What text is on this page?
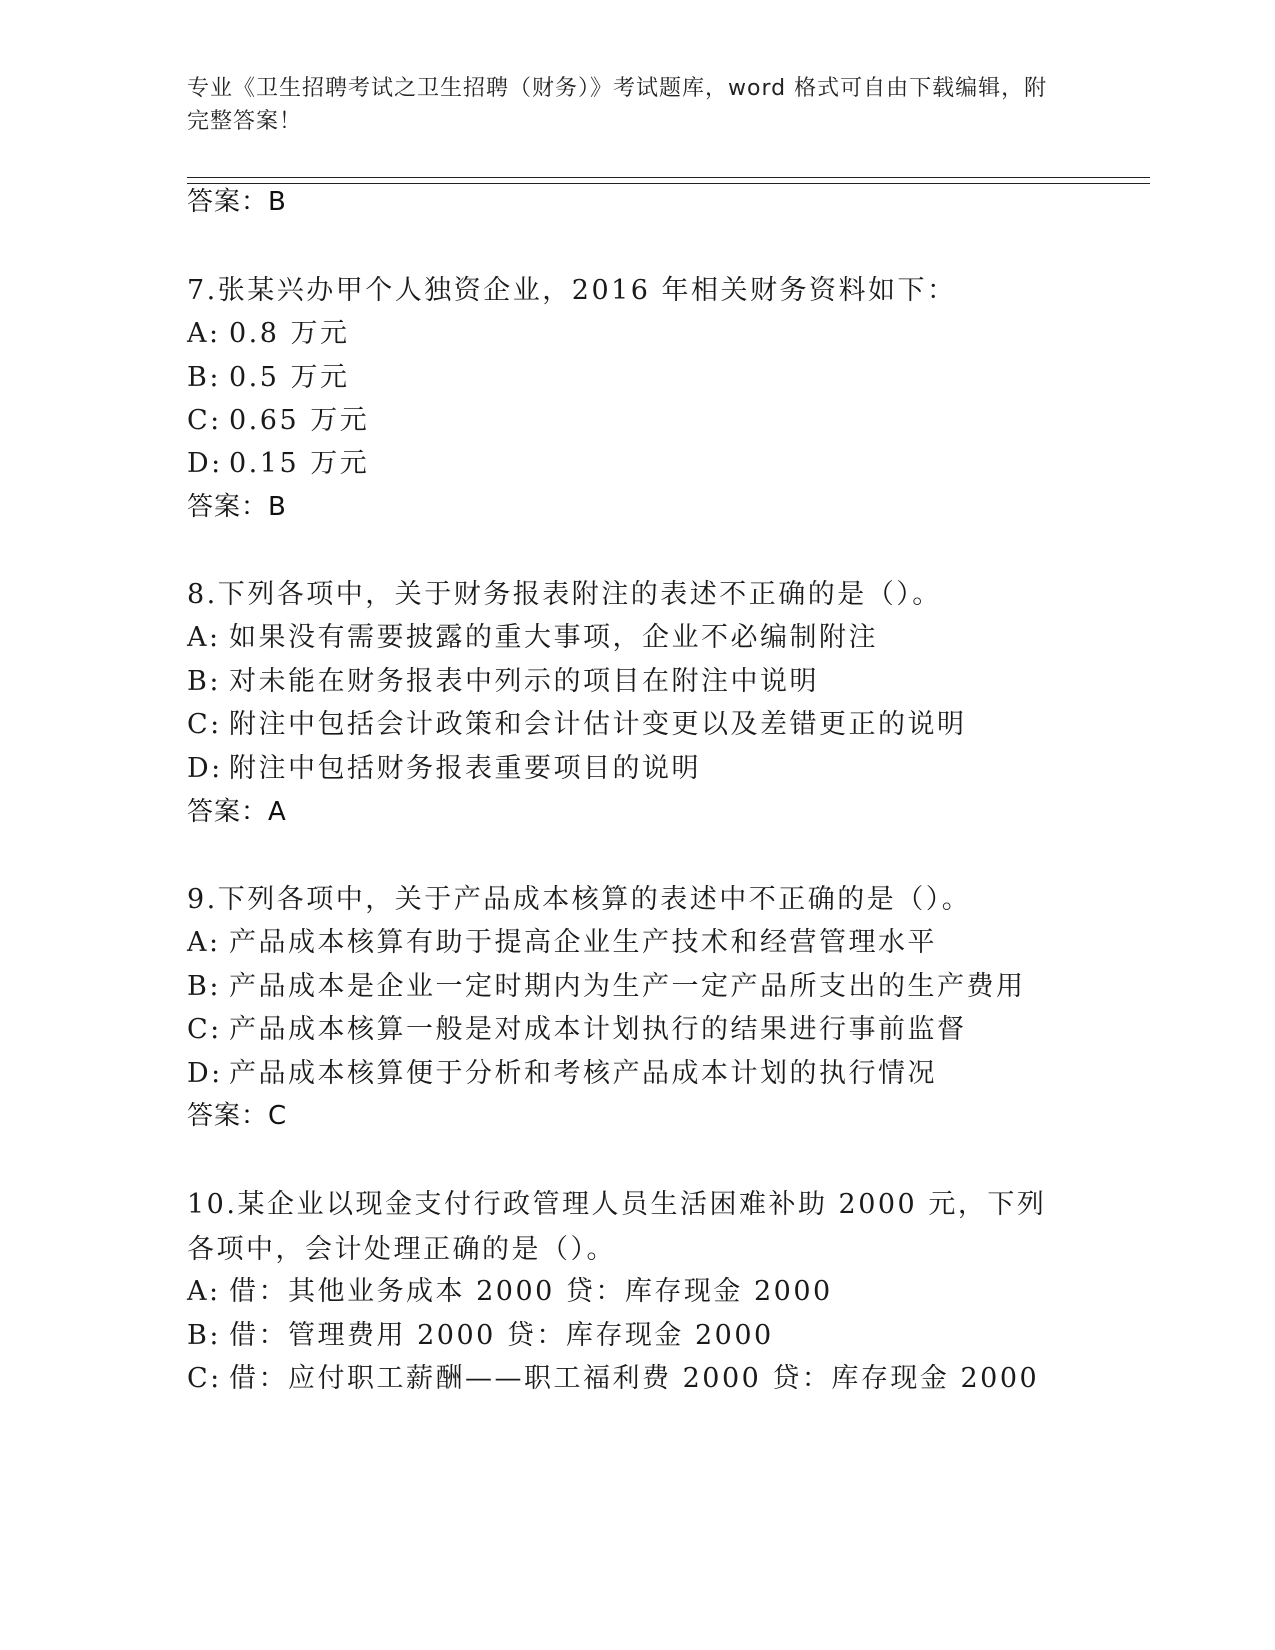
专业《卫生招聘考试之卫生招聘（财务）》考试题库，word 格式可自由下载编辑，附完整答案！
答案：B
7.张某兴办甲个人独资企业，2016 年相关财务资料如下：
A: 0.8 万元
B: 0.5 万元
C: 0.65 万元
D: 0.15 万元
答案：B
8.下列各项中，关于财务报表附注的表述不正确的是（）。
A: 如果没有需要披露的重大事项，企业不必编制附注
B: 对未能在财务报表中列示的项目在附注中说明
C: 附注中包括会计政策和会计估计变更以及差错更正的说明
D: 附注中包括财务报表重要项目的说明
答案：A
9.下列各项中，关于产品成本核算的表述中不正确的是（）。
A: 产品成本核算有助于提高企业生产技术和经营管理水平
B: 产品成本是企业一定时期内为生产一定产品所支出的生产费用
C: 产品成本核算一般是对成本计划执行的结果进行事前监督
D: 产品成本核算便于分析和考核产品成本计划的执行情况
答案：C
10.某企业以现金支付行政管理人员生活困难补助 2000 元，下列各项中，会计处理正确的是（）。
A: 借：其他业务成本 2000 贷：库存现金 2000
B: 借：管理费用 2000 贷：库存现金 2000
C: 借：应付职工薪酬——职工福利费 2000 贷：库存现金 2000
